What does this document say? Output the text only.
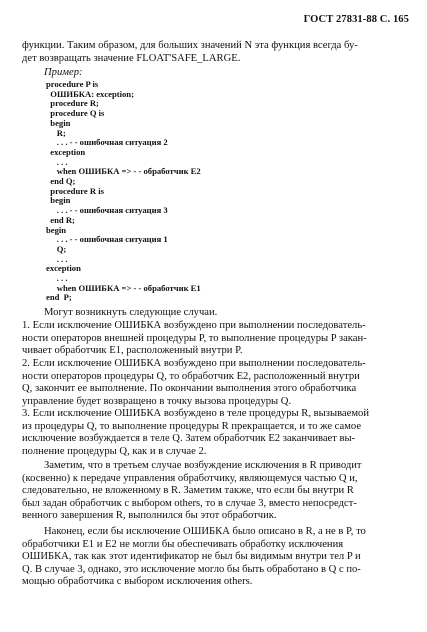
ГОСТ 27831-88 С. 165
функции. Таким образом, для больших значений N эта функция всегда бу-
дет возвращать значение FLOAT'SAFE_LARGE.
Пример:
procedure P is
ОШИБКА: exception;
procedure R;
procedure Q is
begin
R;
. . . - - ошибочная ситуация 2
exception
. . .
when ОШИБКА => - - обработчик E2
end Q;
procedure R is
begin
. . . - - ошибочная ситуация 3
end R;
begin
. . . - - ошибочная ситуация 1
Q;
. . .
exception
. . .
when ОШИБКА => - - обработчик E1
end  P;
Могут возникнуть следующие случаи.
1. Если исключение ОШИБКА возбуждено при выполнении последователь-
ности операторов внешней процедуры P, то выполнение процедуры P закан-
чивает обработчик E1, расположенный внутри P.
2. Если исключение ОШИБКА возбуждено при выполнении последователь-
ности операторов процедуры Q, то обработчик E2, расположенный внутри
Q, закончит ее выполнение. По окончании выполнения этого обработчика
управление будет возвращено в точку вызова процедуры Q.
3. Если исключение ОШИБКА возбуждено в теле процедуры R, вызываемой
из процедуры Q, то выполнение процедуры R прекращается, и то же самое
исключение возбуждается в теле Q. Затем обработчик E2 заканчивает вы-
полнение процедуры Q, как и в случае 2.
Заметим, что в третьем случае возбуждение исключения в R приводит
(косвенно) к передаче управления обработчику, являющемуся частью Q и,
следовательно, не вложенному в R. Заметим также, что если бы внутри R
был задан обработчик с выбором others, то в случае 3, вместо непосредст-
венного завершения R, выполнился бы этот обработчик.
Наконец, если бы исключение ОШИБКА было описано в R, а не в P, то
обработчики E1 и E2 не могли бы обеспечивать обработку исключения
ОШИБКА, так как этот идентификатор не был бы видимым внутри тел P и
Q. В случае 3, однако, это исключение могло бы быть обработано в Q с по-
мощью обработчика с выбором исключения others.
